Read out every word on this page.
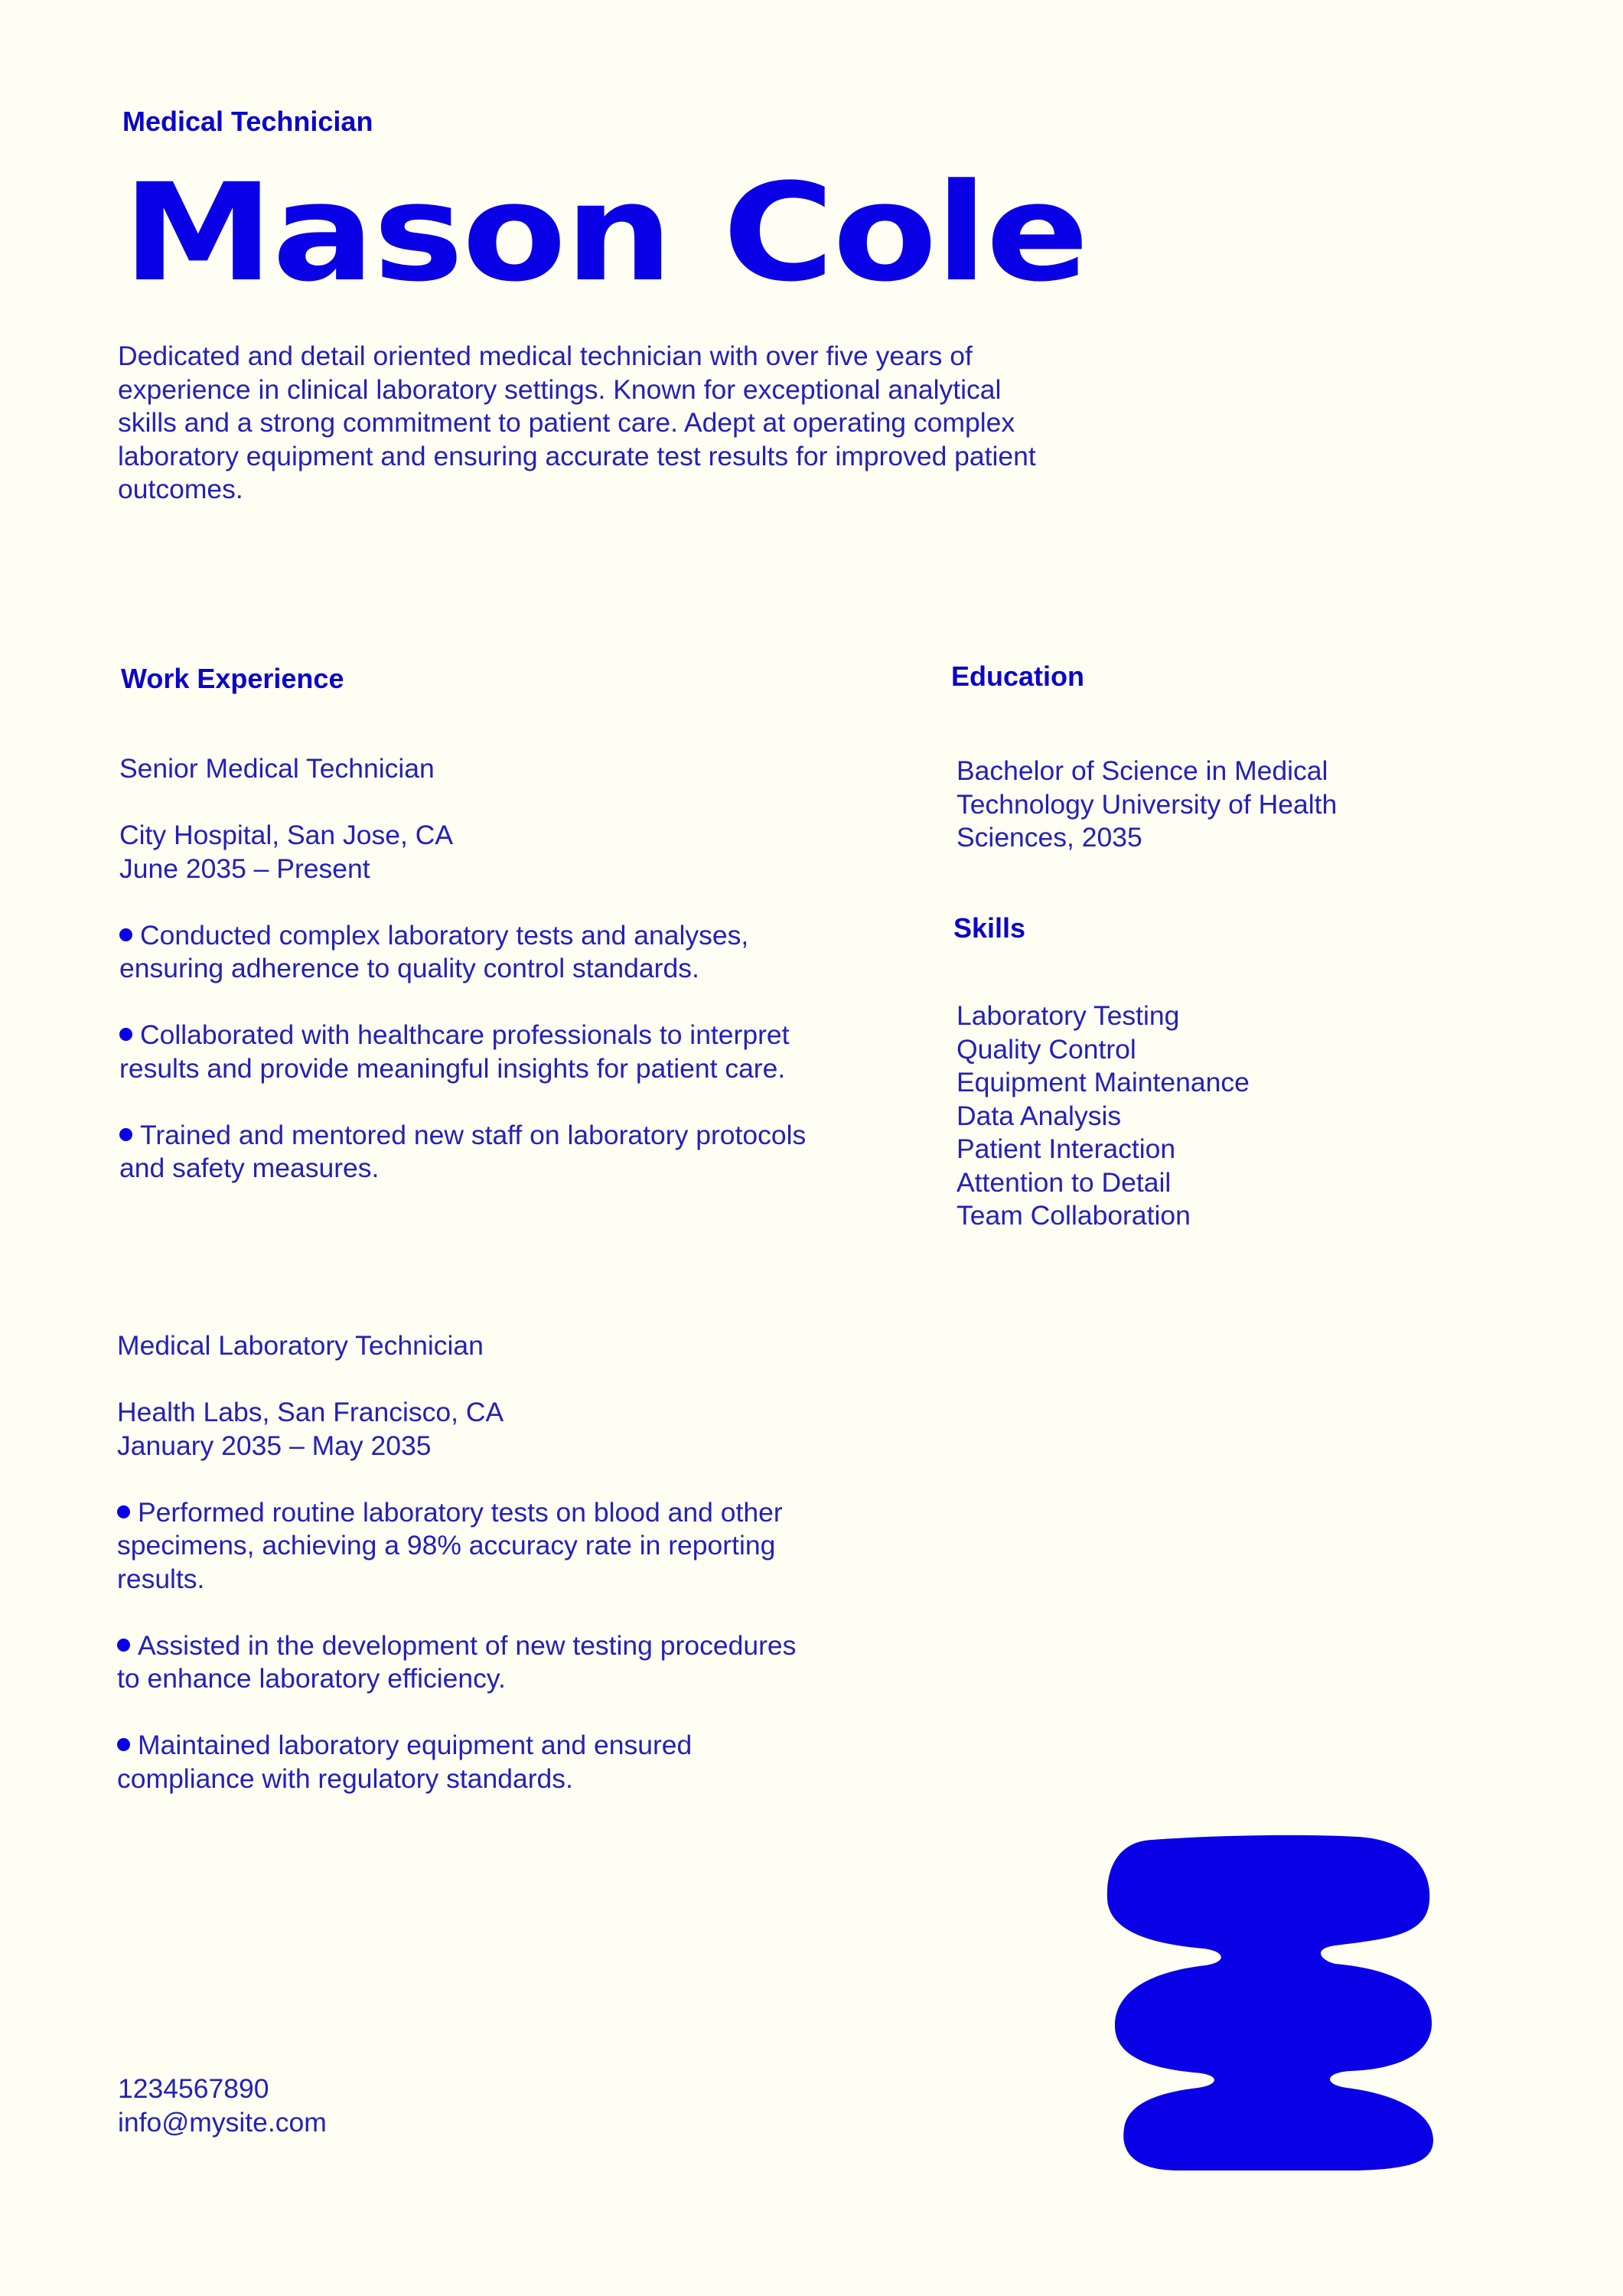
Medical Technician
Mason Cole
Dedicated and detail oriented medical technician with over five years of experience in clinical laboratory settings. Known for exceptional analytical skills and a strong commitment to patient care. Adept at operating complex laboratory equipment and ensuring accurate test results for improved patient outcomes.
Work Experience

Senior Medical Technician

City Hospital, San Jose, CA

June 2035 – Present

Conducted complex laboratory tests and analyses, ensuring adherence to quality control standards.

Collaborated with healthcare professionals to interpret results and provide meaningful insights for patient care.

Trained and mentored new staff on laboratory protocols and safety measures.

Medical Laboratory Technician

Health Labs, San Francisco, CA

January 2035 – May 2035

Performed routine laboratory tests on blood and other specimens, achieving a 98% accuracy rate in reporting results.

Assisted in the development of new testing procedures to enhance laboratory efficiency.

Maintained laboratory equipment and ensured compliance with regulatory standards.

Education
Bachelor of Science in Medical Technology University of Health Sciences, 2035
Skills
Laboratory Testing
Quality Control
Equipment Maintenance
Data Analysis
Patient Interaction
Attention to Detail
Team Collaboration
1234567890
info@mysite.com
